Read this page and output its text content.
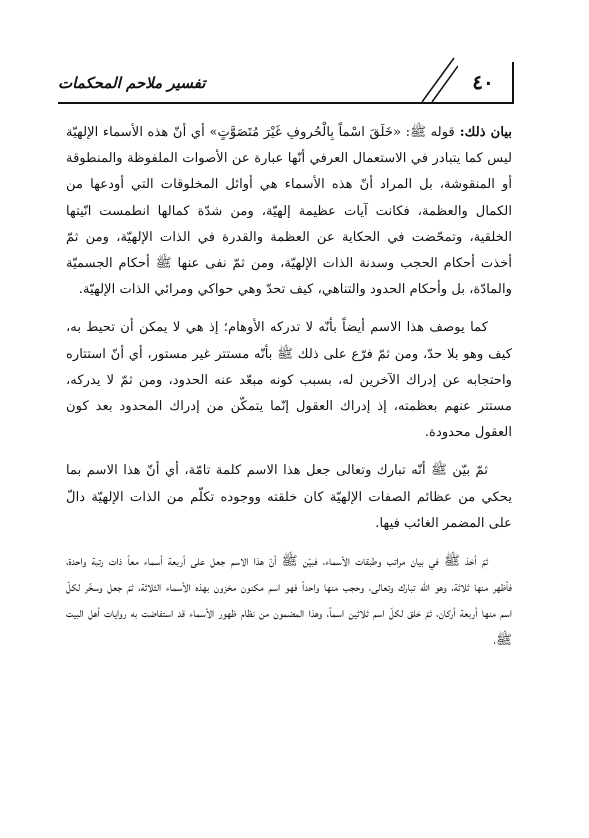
تفسير ملاحم المحكمات	٤٠

بيان ذلك: قوله ﷺ: «خَلَقَ اسْماً بِالْحُروفِ غَيْرَ مُتَصَوَّتٍ» أي أنّ هذه الأسماء الإلهيّة ليس كما يتبادر في الاستعمال العرفي أنّها عبارة عن الأصوات الملفوظة والمنطوقة أو المنقوشة، بل المراد أنّ هذه الأسماء هي أوائل المخلوقات التي أودعها من الكمال والعظمة، فكانت آيات عظيمة إلهيّة، ومن شدّة كمالها انطمست انّيتها الخلقية، وتمحّضت في الحكاية عن العظمة والقدرة في الذات الإلهيّة، ومن ثمّ أخذت أحكام الحجب وسدنة الذات الإلهيّة، ومن ثمّ نفى عنها ﷺ أحكام الجسميّة والمادّة، بل وأحكام الحدود والتناهي، كيف تحدّ وهي حواكي ومرائي الذات الإلهيّة.

كما يوصف هذا الاسم أيضاً بأنّه لا تدركه الأوهام؛ إذ هي لا يمكن أن تحيط به، كيف وهو بلا حدّ، ومن ثمّ فرّع على ذلك ﷺ بأنّه مستتر غير مستور، أي أنّ استتاره واحتجابه عن إدراك الآخرين له، بسبب كونه مبعّد عنه الحدود، ومن ثمّ لا يدركه، مستتر عنهم بعظمته، إذ إدراك العقول إنّما يتمكّن من إدراك المحدود بعد كون العقول محدودة.

ثمّ بيّن ﷺ أنّه تبارك وتعالى جعل هذا الاسم كلمة تامّة، أي أنّ هذا الاسم بما يحكي من عظائم الصفات الإلهيّة كان خلقته ووجوده تكلّم من الذات الإلهيّة دالّ على المضمر الغائب فيها.

ثمّ أخذ ﷺ في بيان مراتب وطبقات الأسماء، فبيّن ﷺ أنّ هذا الاسم جعل على أربعة أسماء معاً ذات رتبة واحدة، فأظهر منها ثلاثة، وهو الله تبارك وتعالى، وحجب منها واحداً فهو اسم مكنون مخزون بهذه الأسماء الثلاثة، ثمّ جعل وسخّر لكلّ اسم منها أربعة أركان، ثمّ خلق لكلّ اسم ثلاثين اسماً، وهذا المضمون من نظام ظهور الأسماء قد استفاضت به روايات أهل البيت ﷺ،
